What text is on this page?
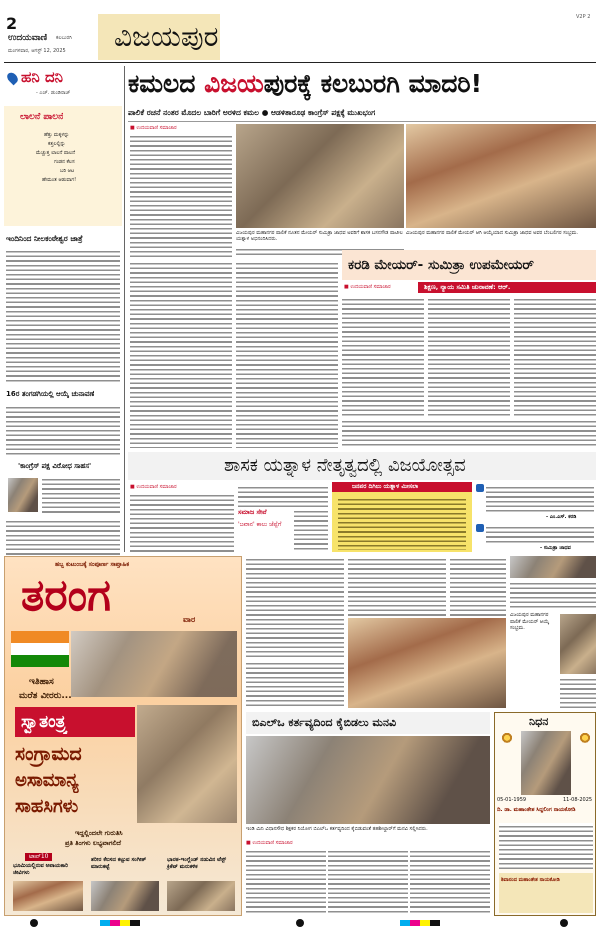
2
ಉದಯವಾಣಿ ಕಲಬುರಗಿ
ಮಂಗಳವಾರ, ಆಗಸ್ಟ್ 12, 2025 ವಿಜಯಪುರ
V2P 2
ಹನಿ ದನಿ
- ಎಚ್‌. ಡುಂಡಿರಾಜ್
ಲಾಲನೆ ಪಾಲನೆ
ಹೆತ್ತು ಮಕ್ಕಳನ್ನು
ಕತ್ತಲಲ್ಲಿನ್ನು
ಮೆಚ್ಚುತ್ತ ಲಾಲನೆ ಪಾಲನೆ
ಗಂಡನ ಕೆಲಸ
ಬರಿ ಆಟ
ಹೇಮಂತ ಆಡುವಾಗ!
ಇಂದಿನಿಂದ ನೀಲಕಂಠೇಶ್ವರ ಜಾತ್ರೆ
16ರ ತಂಗಡಗಿಯಲ್ಲಿ ಆಯ್ಕೆ ಚುನಾವಣೆ
'ಕಾಂಗ್ರೆಸ್ ಪಕ್ಷ ವಿರೋಧ ಸಾಹಸ'
ಕಮಲದ ವಿಜಯಪುರಕ್ಕೆ ಕಲಬುರಗಿ ಮಾದರಿ!
ಪಾಲಿಕೆ ರಚನೆ ನಂತರ ಮೊದಲ ಬಾರಿಗೆ ಅರಳಿದ ಕಮಲ ● ಆಡಳಿತಾರೂಢ ಕಾಂಗ್ರೆಸ್ ಪಕ್ಷಕ್ಕೆ ಮುಖಭಂಗ
■ ಉದಯವಾಣಿ ಸಮಾಚಾರ
ವಿಜಯಪುರ ಮಹಾನಗರ ಪಾಲಿಕೆ ನೂತನ ಮೇಯರ್ ಸುಮಿತ್ರಾ ಜಾಧವ ಅವರಿಗೆ ಶಾಸಕ ಬಸನಗೌಡ ಪಾಟೀಲ ಯತ್ನಾಳ ಅಭಿನಂದಿಸಿದರು.
ವಿಜಯಪುರ ಮಹಾನಗರ ಪಾಲಿಕೆ ಮೇಯರ್ ಆಗಿ ಆಯ್ಕೆಯಾದ ಸುಮಿತ್ರಾ ಜಾಧವ ಅವರ ಬೆಂಬಲಿಗರ ಸಂಭ್ರಮ.
ಕರಡಿ ಮೇಯರ್‌- ಸುಮಿತ್ರಾ ಉಪಮೇಯರ್‌
■ ಉದಯವಾಣಿ ಸಮಾಚಾರ	ಶಿಕ್ಷಣ, ನ್ಯಾಯ ಸಮಿತಿ ಚುನಾವಣೆ: ಆರ್‌.
ಶಾಸಕ ಯತ್ನಾಳ ನೇತೃತ್ವದಲ್ಲಿ ವಿಜಯೋತ್ಸವ
■ ಉದಯವಾಣಿ ಸಮಾಚಾರ
ಸಮಾಜ ಸೇವೆ
'ಜವಾನ' ಕಾಲು ಜೆಪ್ಪೆಗೆ
ಜನಪರ ದಿಗಿಲು ಯತ್ನಾಳ ಮೀಸಲಾ
- ಎಂ.ಎಸ್‌. ಕರಡಿ
- ಸುಮಿತ್ರಾ ಜಾಧವ
ಹಬ್ಬ ಕುಟುಂಬಕ್ಕೆ ಸಂಪೂರ್ಣ ಸಾಪ್ತಾಹಿಕ
ತರಂಗ	ವಾರ
ಇತಿಹಾಸ
ಮರೆತ ವೀರರು...
ಸ್ವಾತಂತ್ರ್ಯ
ಸಂಗ್ರಾಮದ
ಅಸಾಮಾನ್ಯ
ಸಾಹಸಿಗಳು
ಇದ್ದಲ್ಲಿಂದಲೇ ಗುರುತಿಸಿ
ಪ್ರತಿ ತಿಂಗಳು ಲಭ್ಯವಾಗಲಿದೆ
ಟಾಪ್‌10
ಭೂಮಿಯಲ್ಲಿರುವ ಅಪಾಯಕಾರಿ ಜೀವಿಗಳು
ಶರೀರ ಕೆಲಸದ ಕಟ್ಟುವ ಸಂಗೀತ್ ಮಾರುಕಟ್ಟೆ
ಭಾರತ-ಇಂಗ್ಲೆಂಡ್ ನಡುವಿನ ಟೆಸ್ಟ್ ಕ್ರಿಕೆಟ್ ಮರುಕಳಿಕ
ವಿಜಯಪುರ ಮಹಾನಗರ ಪಾಲಿಕೆ ಮೇಯರ್ ಆಯ್ಕೆ ಸಂಭ್ರಮ.
ಬಿಎಲ್‌ಒ ಕರ್ತವ್ಯದಿಂದ ಕೈಬಿಡಲು ಮನವಿ
ಇಂಡಿ ಮಿನಿ ವಿಧಾನಸೌಧ ಶಿಕ್ಷಕರ ನಿಯೋಗ ಬಿಎಲ್‌ಒ ಕರ್ತವ್ಯದಿಂದ ಕೈಬಿಡುವಂತೆ ತಹಶೀಲ್ದಾರ್‌ಗೆ ಮನವಿ ಸಲ್ಲಿಸಿದರು.
■ ಉದಯವಾಣಿ ಸಮಾಚಾರ
ನಿಧನ
05-01-1959	11-08-2025
ದಿ. ಡಾ. ಮಹಾಂತೇಶ ಸಿದ್ದಲಿಂಗ ನಾಯಕೋಡಿ
ಶಿವಾನಂದ ಮಹಾಂತೇಶ ನಾಯಕೋಡಿ
